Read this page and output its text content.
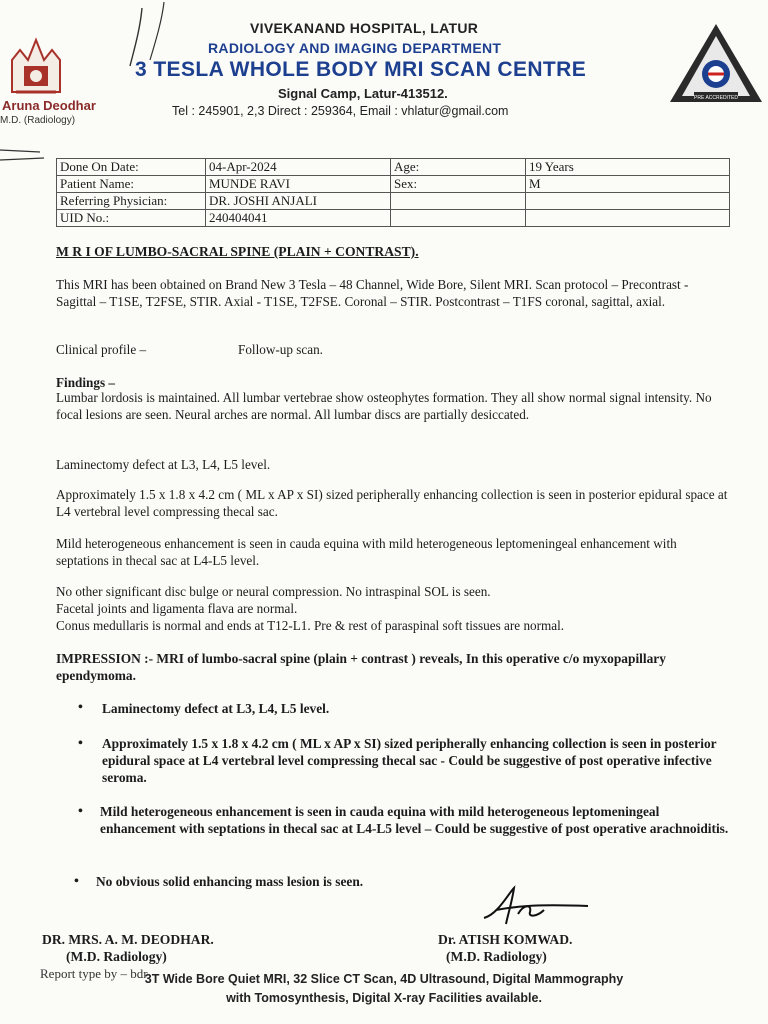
VIVEKANAND HOSPITAL, LATUR
RADIOLOGY AND IMAGING DEPARTMENT
3 TESLA WHOLE BODY MRI SCAN CENTRE
Signal Camp, Latur-413512.
Tel : 245901, 2,3 Direct : 259364, Email : vhlatur@gmail.com
Aruna Deodhar
M.D. (Radiology)
PRE ACCREDITED
Done On Date:	04-Apr-2024	Age:	19 Years
Patient Name:	MUNDE RAVI	Sex:	M
Referring Physician:	DR. JOSHI ANJALI		
UID No.:	240404041		
M R I OF LUMBO-SACRAL SPINE (PLAIN + CONTRAST).
This MRI has been obtained on Brand New 3 Tesla – 48 Channel, Wide Bore, Silent MRI. Scan protocol – Precontrast - Sagittal – T1SE, T2FSE, STIR. Axial - T1SE, T2FSE. Coronal – STIR. Postcontrast – T1FS coronal, sagittal, axial.
Clinical profile –	Follow-up scan.
Findings –
Lumbar lordosis is maintained. All lumbar vertebrae show osteophytes formation. They all show normal signal intensity. No focal lesions are seen. Neural arches are normal. All lumbar discs are partially desiccated.
Laminectomy defect at L3, L4, L5 level.
Approximately 1.5 x 1.8 x 4.2 cm ( ML x AP x SI) sized peripherally enhancing collection is seen in posterior epidural space at L4 vertebral level compressing thecal sac.
Mild heterogeneous enhancement is seen in cauda equina with mild heterogeneous leptomeningeal enhancement with septations in thecal sac at L4-L5 level.
No other significant disc bulge or neural compression. No intraspinal SOL is seen.
Facetal joints and ligamenta flava are normal.
Conus medullaris is normal and ends at T12-L1. Pre & rest of paraspinal soft tissues are normal.
IMPRESSION :- MRI of lumbo-sacral spine (plain + contrast ) reveals, In this operative c/o myxopapillary ependymoma.
• Laminectomy defect at L3, L4, L5 level.
• Approximately 1.5 x 1.8 x 4.2 cm ( ML x AP x SI) sized peripherally enhancing collection is seen in posterior epidural space at L4 vertebral level compressing thecal sac - Could be suggestive of post operative infective seroma.
• Mild heterogeneous enhancement is seen in cauda equina with mild heterogeneous leptomeningeal enhancement with septations in thecal sac at L4-L5 level – Could be suggestive of post operative arachnoiditis.
• No obvious solid enhancing mass lesion is seen.
DR. MRS. A. M. DEODHAR.
(M.D. Radiology)
Dr. ATISH KOMWAD.
(M.D. Radiology)
Report type by – bdr
3T Wide Bore Quiet MRI, 32 Slice CT Scan, 4D Ultrasound, Digital Mammography
with Tomosynthesis, Digital X-ray Facilities available.
